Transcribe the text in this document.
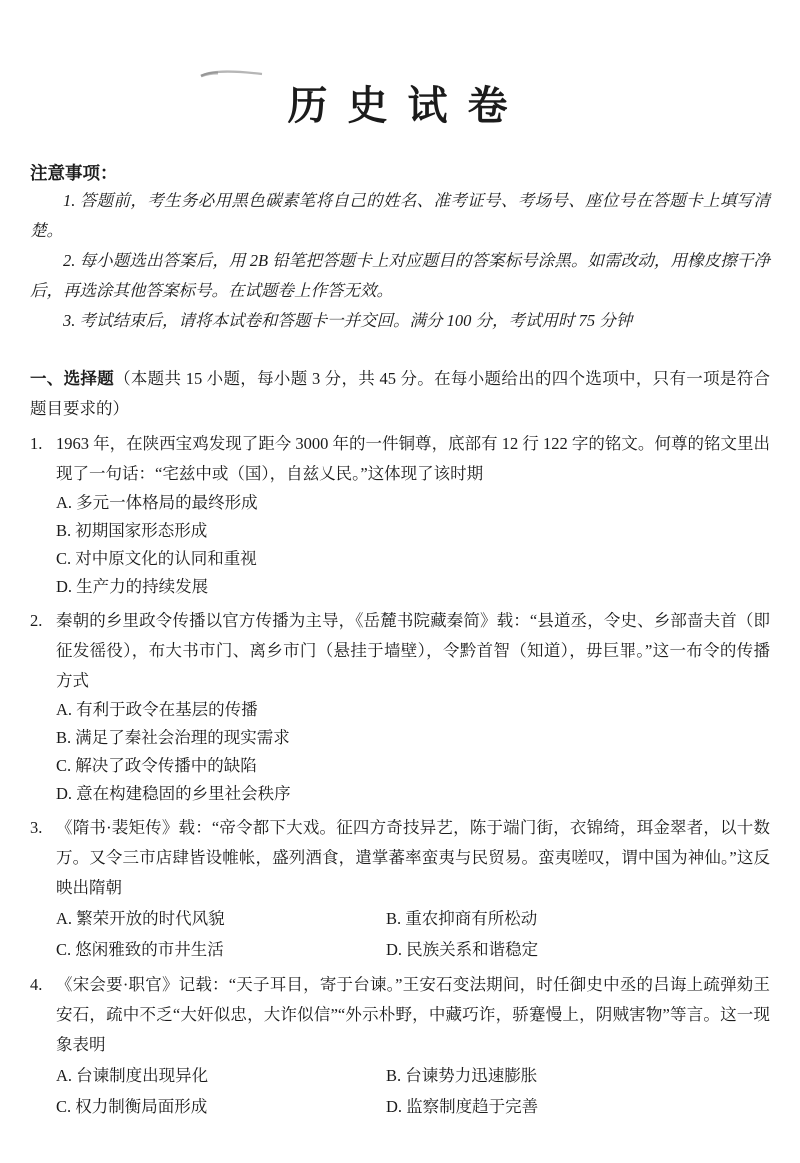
历 史 试 卷
注意事项：

1. 答题前，考生务必用黑色碳素笔将自己的姓名、准考证号、考场号、座位号在答题卡上填写清楚。

2. 每小题选出答案后，用 2B 铅笔把答题卡上对应题目的答案标号涂黑。如需改动，用橡皮擦干净后，再选涂其他答案标号。在试题卷上作答无效。

3. 考试结束后，请将本试卷和答题卡一并交回。满分 100 分，考试用时 75 分钟

一、选择题（本题共 15 小题，每小题 3 分，共 45 分。在每小题给出的四个选项中，只有一项是符合题目要求的）
1. 1963 年，在陕西宝鸡发现了距今 3000 年的一件铜尊，底部有 12 行 122 字的铭文。何尊的铭文里出现了一句话：“宅兹中或（国），自兹乂民。”这体现了该时期
A. 多元一体格局的最终形成
B. 初期国家形态形成
C. 对中原文化的认同和重视
D. 生产力的持续发展
2. 秦朝的乡里政令传播以官方传播为主导，《岳麓书院藏秦简》载：“县道丞，令史、乡部啬夫首（即征发徭役），布大书市门、离乡市门（悬挂于墙壁），令黔首智（知道），毋巨罪。”这一布令的传播方式
A. 有利于政令在基层的传播
B. 满足了秦社会治理的现实需求
C. 解决了政令传播中的缺陷
D. 意在构建稳固的乡里社会秩序
3. 《隋书·裴矩传》载：“帝令都下大戏。征四方奇技异艺，陈于端门街，衣锦绮，珥金翠者，以十数万。又令三市店肆皆设帷帐，盛列酒食，遣掌蕃率蛮夷与民贸易。蛮夷嗟叹，谓中国为神仙。”这反映出隋朝
A. 繁荣开放的时代风貌	B. 重农抑商有所松动
C. 悠闲雅致的市井生活	D. 民族关系和谐稳定
4. 《宋会要·职官》记载：“天子耳目，寄于台谏。”王安石变法期间，时任御史中丞的吕诲上疏弹劾王安石，疏中不乏“大奸似忠，大诈似信”“外示朴野，中藏巧诈，骄蹇慢上，阴贼害物”等言。这一现象表明
A. 台谏制度出现异化	B. 台谏势力迅速膨胀
C. 权力制衡局面形成	D. 监察制度趋于完善
